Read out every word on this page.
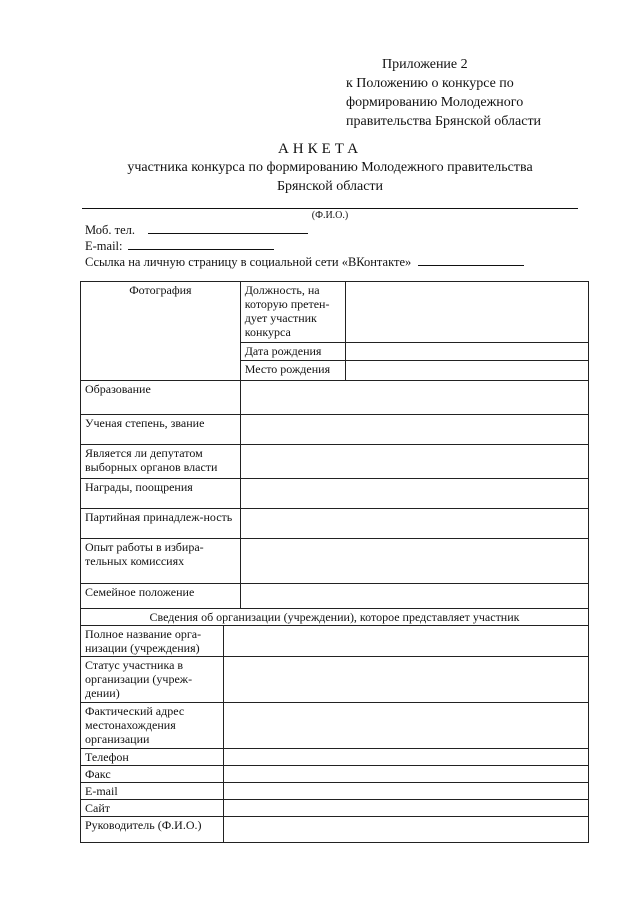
Приложение 2
к Положению о конкурсе по
формированию Молодежного
правительства Брянской области
АНКЕТА
участника конкурса по формированию Молодежного правительства
Брянской области
(Ф.И.О.)
Моб. тел.
E-mail:
Ссылка на личную страницу в социальной сети «ВКонтакте»
Фотография	Должность, на которую претен-дует участник конкурса	
	Дата рождения	
	Место рождения	
Образование		
Ученая степень, звание		
Является ли депутатом выборных органов власти		
Награды, поощрения		
Партийная принадлеж-ность		
Опыт работы в избира-тельных комиссиях		
Семейное положение		
Сведения об организации (учреждении), которое представляет участник	
Полное название орга-низации (учреждения)	
Статус участника в организации (учреж-дении)	
Фактический адрес местонахождения организации	
Телефон	
Факс	
E-mail	
Сайт	
Руководитель (Ф.И.О.)	
